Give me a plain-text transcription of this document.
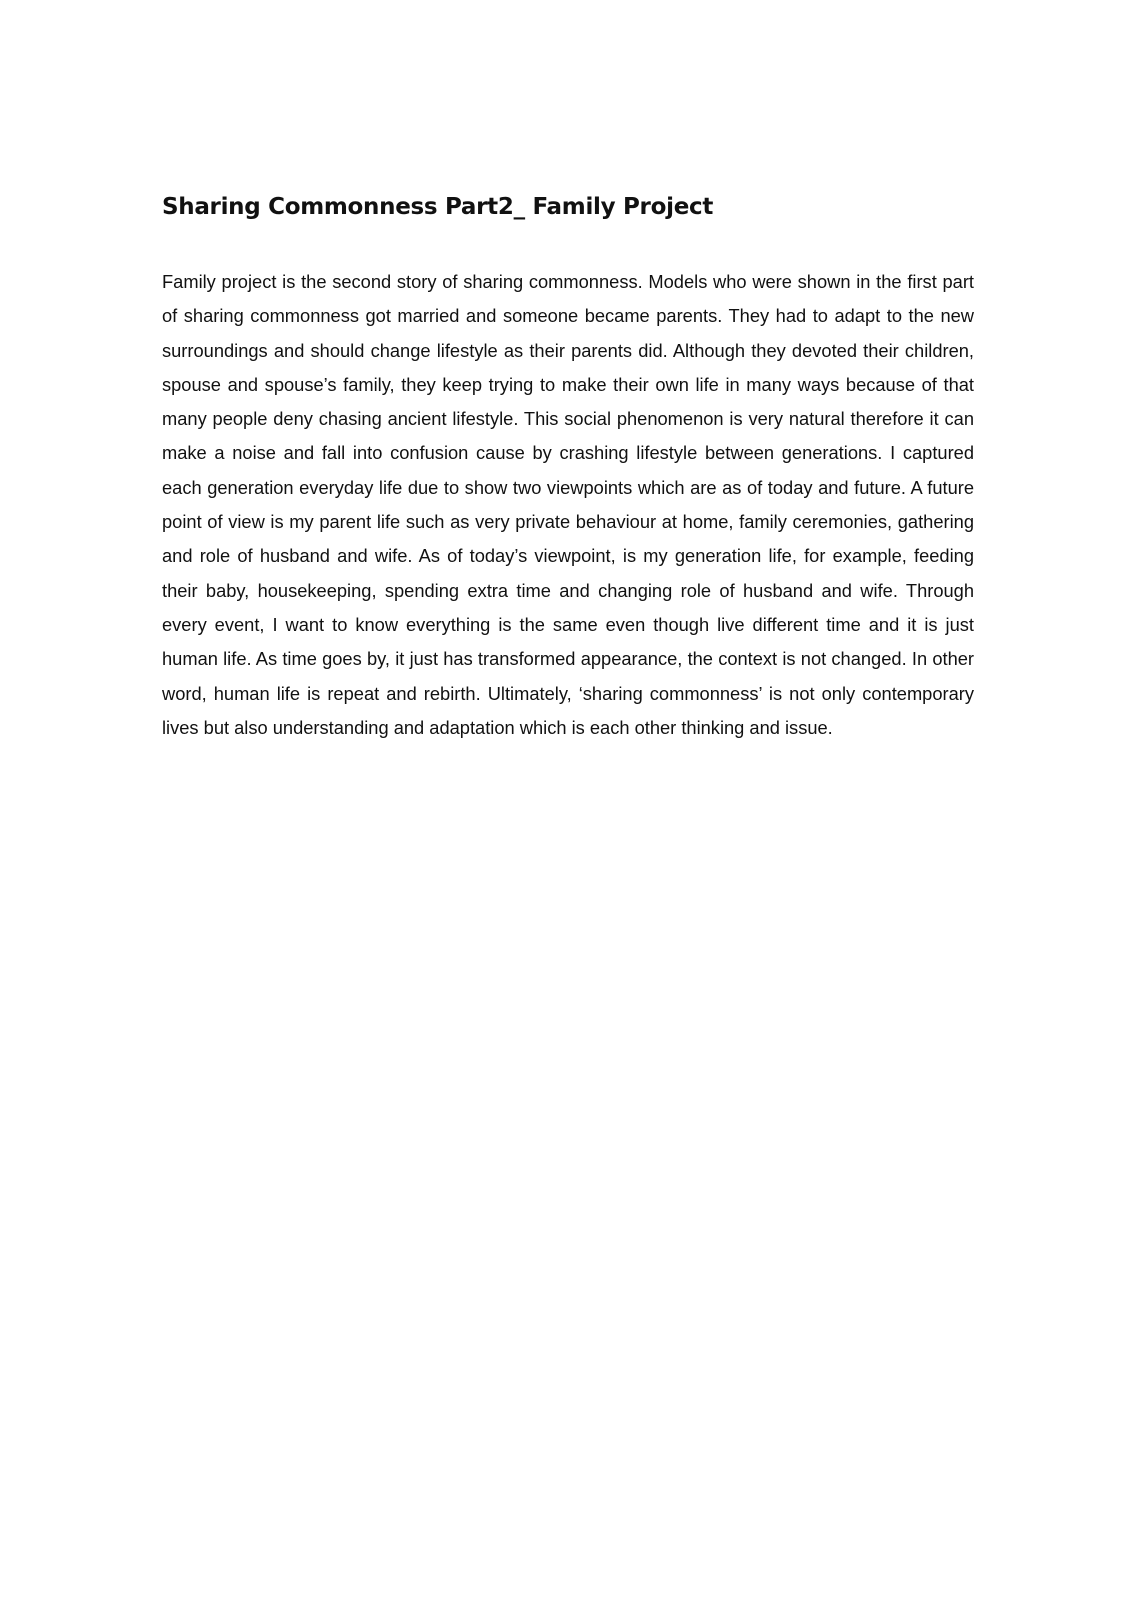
Sharing Commonness Part2_ Family Project

Family project is the second story of sharing commonness. Models who were shown in the first part of sharing commonness got married and someone became parents. They had to adapt to the new surroundings and should change lifestyle as their parents did. Although they devoted their children, spouse and spouse’s family, they keep trying to make their own life in many ways because of that many people deny chasing ancient lifestyle. This social phenomenon is very natural therefore it can make a noise and fall into confusion cause by crashing lifestyle between generations. I captured each generation everyday life due to show two viewpoints which are as of today and future. A future point of view is my parent life such as very private behaviour at home, family ceremonies, gathering and role of husband and wife. As of today’s viewpoint, is my generation life, for example, feeding their baby, housekeeping, spending extra time and changing role of husband and wife. Through every event, I want to know everything is the same even though live different time and it is just human life. As time goes by, it just has transformed appearance, the context is not changed. In other word, human life is repeat and rebirth. Ultimately, ‘sharing commonness’ is not only contemporary lives but also understanding and adaptation which is each other thinking and issue.
